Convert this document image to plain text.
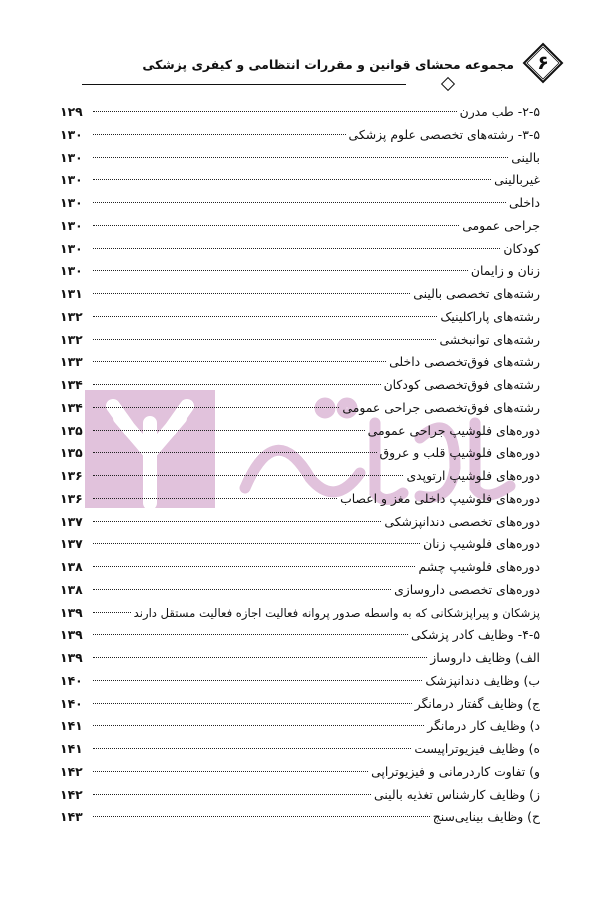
۶
مجموعه محشای قوانین و مقررات انتظامی و کیفری پزشکی
۲-۵- طب مدرن
۱۲۹
۳-۵- رشته‌های تخصصی علوم پزشکی
۱۳۰
بالینی
۱۳۰
غیربالینی
۱۳۰
داخلی
۱۳۰
جراحی عمومی
۱۳۰
کودکان
۱۳۰
زنان و زایمان
۱۳۰
رشته‌های تخصصی بالینی
۱۳۱
رشته‌های پاراکلینیک
۱۳۲
رشته‌های توانبخشی
۱۳۲
رشته‌های فوق‌تخصصی داخلی
۱۳۳
رشته‌های فوق‌تخصصی کودکان
۱۳۴
رشته‌های فوق‌تخصصی جراحی عمومی
۱۳۴
دوره‌های فلوشیپ جراحی عمومی
۱۳۵
دوره‌های فلوشیپ قلب و عروق
۱۳۵
دوره‌های فلوشیپ ارتوپدی
۱۳۶
دوره‌های فلوشیپ داخلی مغز و اعصاب
۱۳۶
دوره‌های تخصصی دندانپزشکی
۱۳۷
دوره‌های فلوشیپ زنان
۱۳۷
دوره‌های فلوشیپ چشم
۱۳۸
دوره‌های تخصصی داروسازی
۱۳۸
پزشکان و پیراپزشکانی که به واسطه صدور پروانه فعالیت اجازه فعالیت مستقل دارند
۱۳۹
۴-۵- وظایف کادر پزشکی
۱۳۹
الف) وظایف داروساز
۱۳۹
ب) وظایف دندانپزشک
۱۴۰
ج) وظایف گفتار درمانگر
۱۴۰
د) وظایف کار درمانگر
۱۴۱
ه) وظایف فیزیوتراپیست
۱۴۱
و) تفاوت کاردرمانی و فیزیوتراپی
۱۴۲
ز) وظایف کارشناس تغذیه بالینی
۱۴۲
ح) وظایف بینایی‌سنج
۱۴۳
